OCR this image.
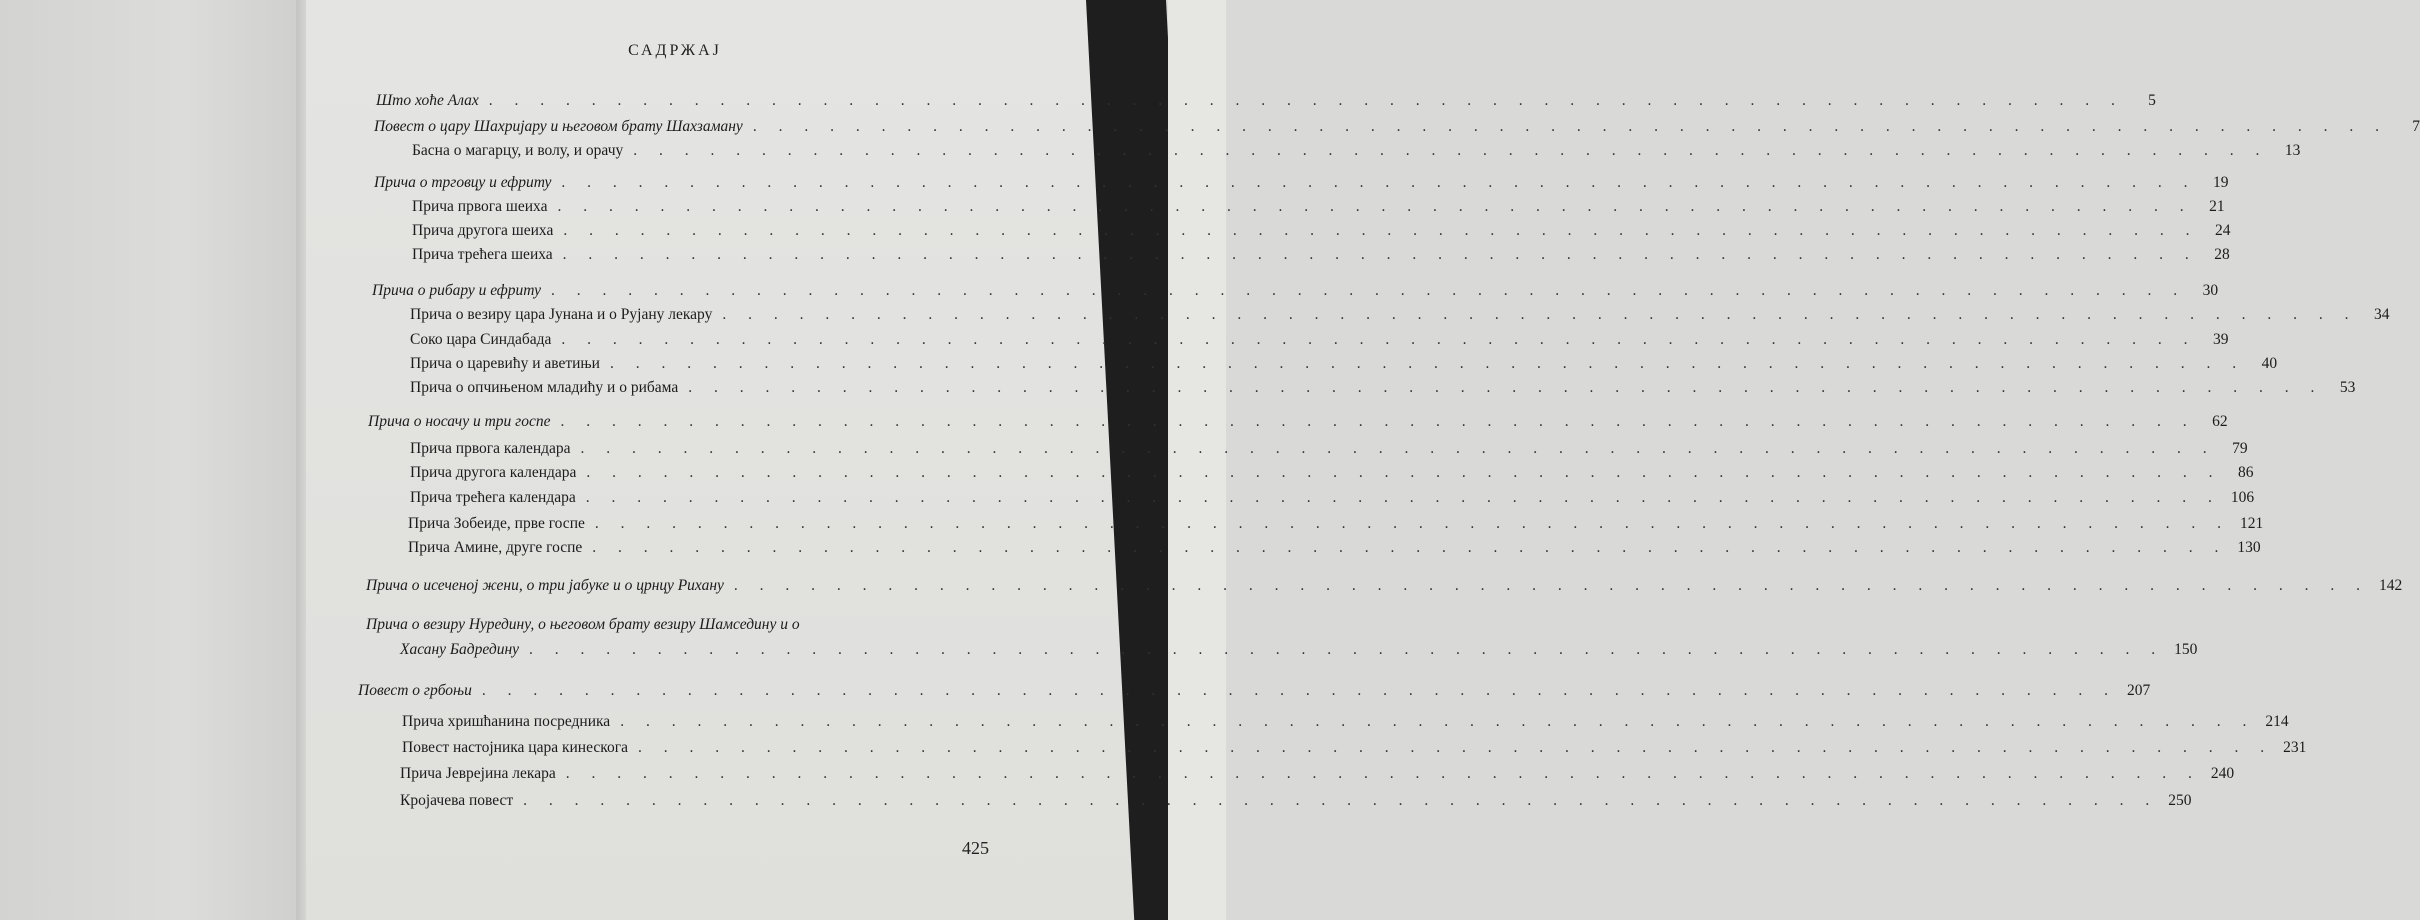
САДРЖАЈ
Што хоће Алах . . . . . . . . . . . . . . . . . . . . . . . . . . . . . . . . . . . . . . . . . . . . . . . . . . . . . . . . . . . . . . . .	5
Повест о цару Шахријару и његовом брату Шахзаману . . . . . . . . . . . . . . . . . . . . . . . . . . . . . . . . . . . . . . . . . . . . . . . . . . . . . . . . . . . . . . . .	7
Басна о магарцу, и волу, и орачу . . . . . . . . . . . . . . . . . . . . . . . . . . . . . . . . . . . . . . . . . . . . . . . . . . . . . . . . . . . . . . . .	13
Прича о трговцу и ефриту . . . . . . . . . . . . . . . . . . . . . . . . . . . . . . . . . . . . . . . . . . . . . . . . . . . . . . . . . . . . . . . .	19
Прича првога шеиха . . . . . . . . . . . . . . . . . . . . . . . . . . . . . . . . . . . . . . . . . . . . . . . . . . . . . . . . . . . . . . . .	21
Прича другога шеиха . . . . . . . . . . . . . . . . . . . . . . . . . . . . . . . . . . . . . . . . . . . . . . . . . . . . . . . . . . . . . . . .	24
Прича трећега шеиха . . . . . . . . . . . . . . . . . . . . . . . . . . . . . . . . . . . . . . . . . . . . . . . . . . . . . . . . . . . . . . . .	28
Прича о рибару и ефриту . . . . . . . . . . . . . . . . . . . . . . . . . . . . . . . . . . . . . . . . . . . . . . . . . . . . . . . . . . . . . . . .	30
Прича о везиру цара Јунана и о Рујану лекару . . . . . . . . . . . . . . . . . . . . . . . . . . . . . . . . . . . . . . . . . . . . . . . . . . . . . . . . . . . . . . . .	34
Соко цара Синдабада . . . . . . . . . . . . . . . . . . . . . . . . . . . . . . . . . . . . . . . . . . . . . . . . . . . . . . . . . . . . . . . .	39
Прича о царевићу и аветињи . . . . . . . . . . . . . . . . . . . . . . . . . . . . . . . . . . . . . . . . . . . . . . . . . . . . . . . . . . . . . . . .	40
Прича о опчињеном младићу и о рибама . . . . . . . . . . . . . . . . . . . . . . . . . . . . . . . . . . . . . . . . . . . . . . . . . . . . . . . . . . . . . . . .	53
Прича о носачу и три госпе . . . . . . . . . . . . . . . . . . . . . . . . . . . . . . . . . . . . . . . . . . . . . . . . . . . . . . . . . . . . . . . .	62
Прича првога календара . . . . . . . . . . . . . . . . . . . . . . . . . . . . . . . . . . . . . . . . . . . . . . . . . . . . . . . . . . . . . . . .	79
Прича другога календара . . . . . . . . . . . . . . . . . . . . . . . . . . . . . . . . . . . . . . . . . . . . . . . . . . . . . . . . . . . . . . . .	86
Прича трећега календара . . . . . . . . . . . . . . . . . . . . . . . . . . . . . . . . . . . . . . . . . . . . . . . . . . . . . . . . . . . . . . . . 106
Прича Зобеиде, прве госпе . . . . . . . . . . . . . . . . . . . . . . . . . . . . . . . . . . . . . . . . . . . . . . . . . . . . . . . . . . . . . . . . 121
Прича Амине, друге госпе . . . . . . . . . . . . . . . . . . . . . . . . . . . . . . . . . . . . . . . . . . . . . . . . . . . . . . . . . . . . . . . . 130
Прича о исеченој жени, о три јабуке и о црнцу Рихану . . . . . . . . . . . . . . . . . . . . . . . . . . . . . . . . . . . . . . . . . . . . . . . . . . . . . . . . . . . . . . . . 142
Прича о везиру Нуредину, о његовом брату везиру Шамседину и о
Хасану Бадредину . . . . . . . . . . . . . . . . . . . . . . . . . . . . . . . . . . . . . . . . . . . . . . . . . . . . . . . . . . . . . . . . 150
Повест о грбоњи . . . . . . . . . . . . . . . . . . . . . . . . . . . . . . . . . . . . . . . . . . . . . . . . . . . . . . . . . . . . . . . . 207
Прича хришћанина посредника . . . . . . . . . . . . . . . . . . . . . . . . . . . . . . . . . . . . . . . . . . . . . . . . . . . . . . . . . . . . . . . . 214
Повест настојника цара кинескога . . . . . . . . . . . . . . . . . . . . . . . . . . . . . . . . . . . . . . . . . . . . . . . . . . . . . . . . . . . . . . . . 231
Прича Јеврејина лекара . . . . . . . . . . . . . . . . . . . . . . . . . . . . . . . . . . . . . . . . . . . . . . . . . . . . . . . . . . . . . . . . 240
Кројачева повест . . . . . . . . . . . . . . . . . . . . . . . . . . . . . . . . . . . . . . . . . . . . . . . . . . . . . . . . . . . . . . . . 250
425
